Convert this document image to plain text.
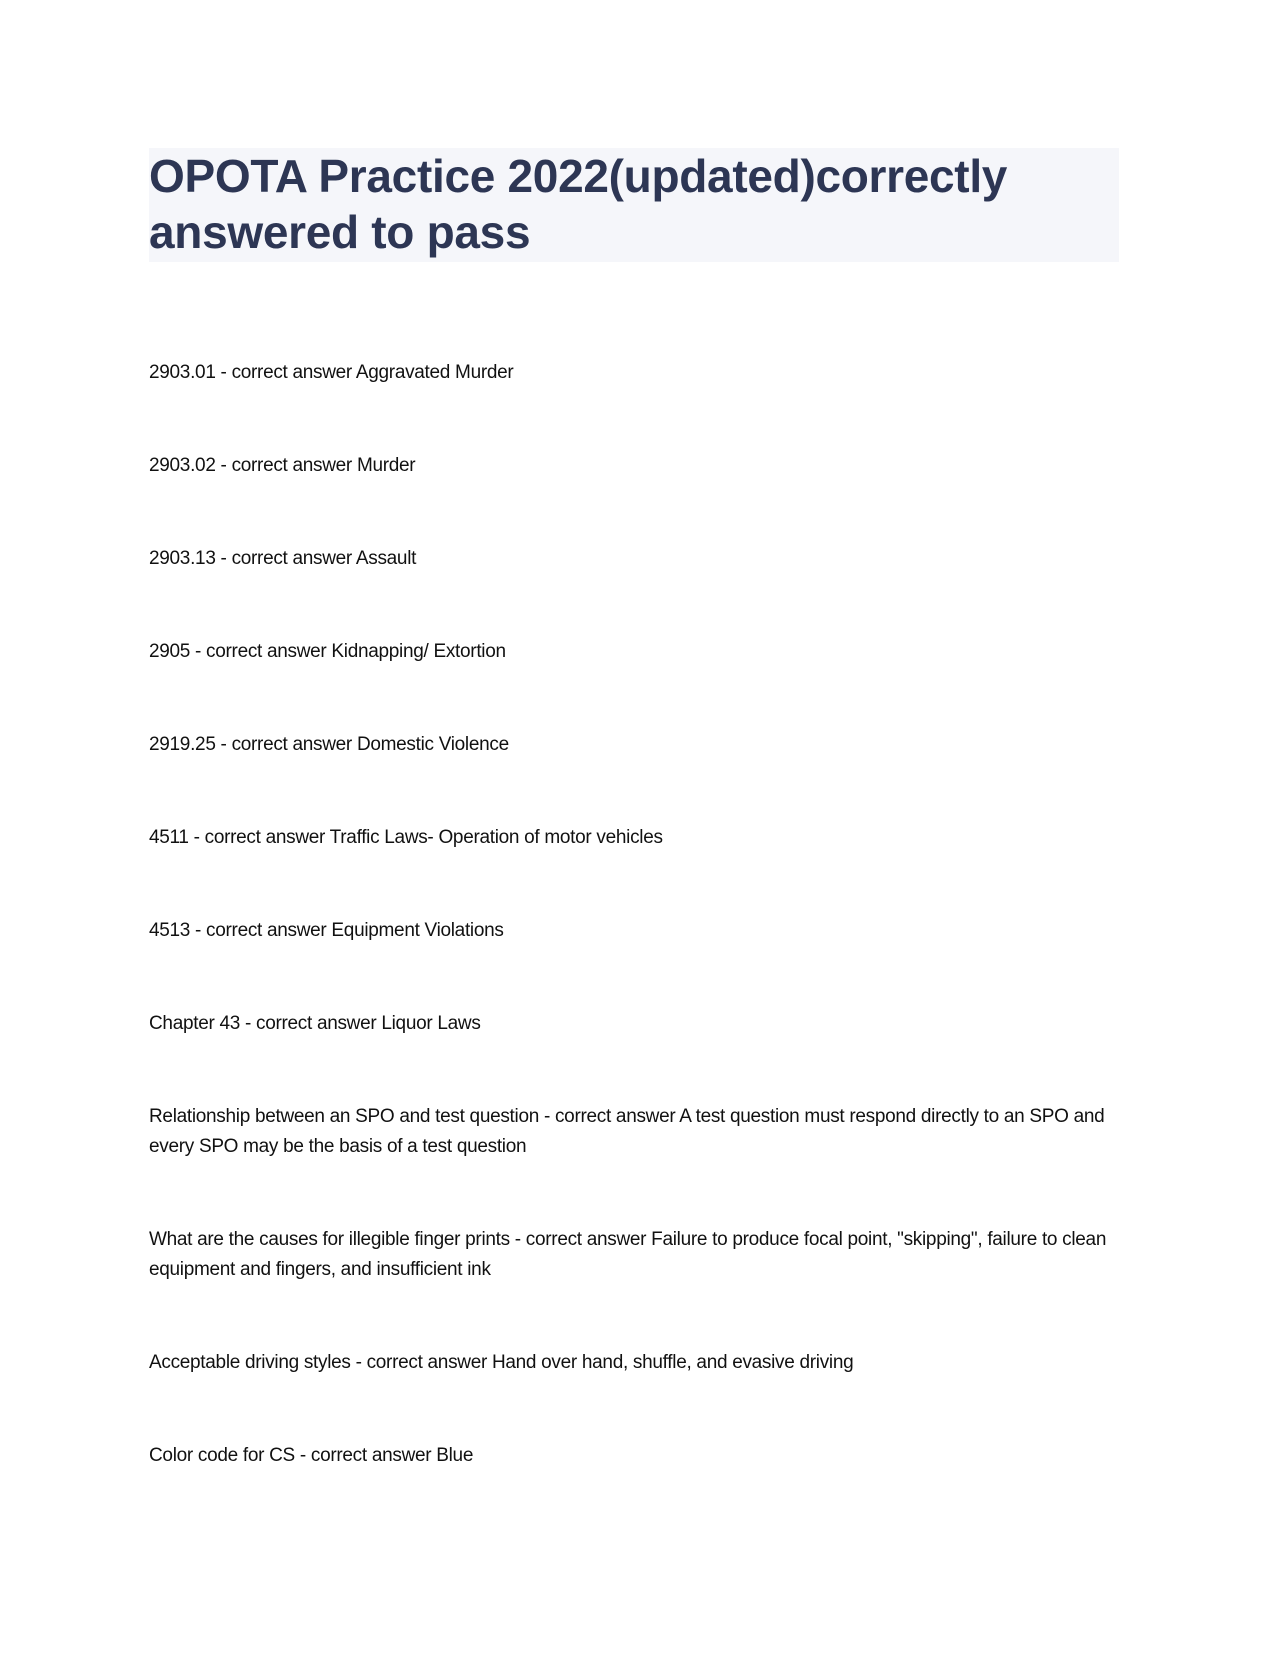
OPOTA Practice 2022(updated)correctly answered to pass

2903.01 - correct answer Aggravated Murder

2903.02 - correct answer Murder

2903.13 - correct answer Assault

2905 - correct answer Kidnapping/ Extortion

2919.25 - correct answer Domestic Violence

4511 - correct answer Traffic Laws- Operation of motor vehicles

4513 - correct answer Equipment Violations

Chapter 43 - correct answer Liquor Laws

Relationship between an SPO and test question - correct answer A test question must respond directly to an SPO and every SPO may be the basis of a test question

What are the causes for illegible finger prints - correct answer Failure to produce focal point, "skipping", failure to clean equipment and fingers, and insufficient ink

Acceptable driving styles - correct answer Hand over hand, shuffle, and evasive driving

Color code for CS - correct answer Blue
